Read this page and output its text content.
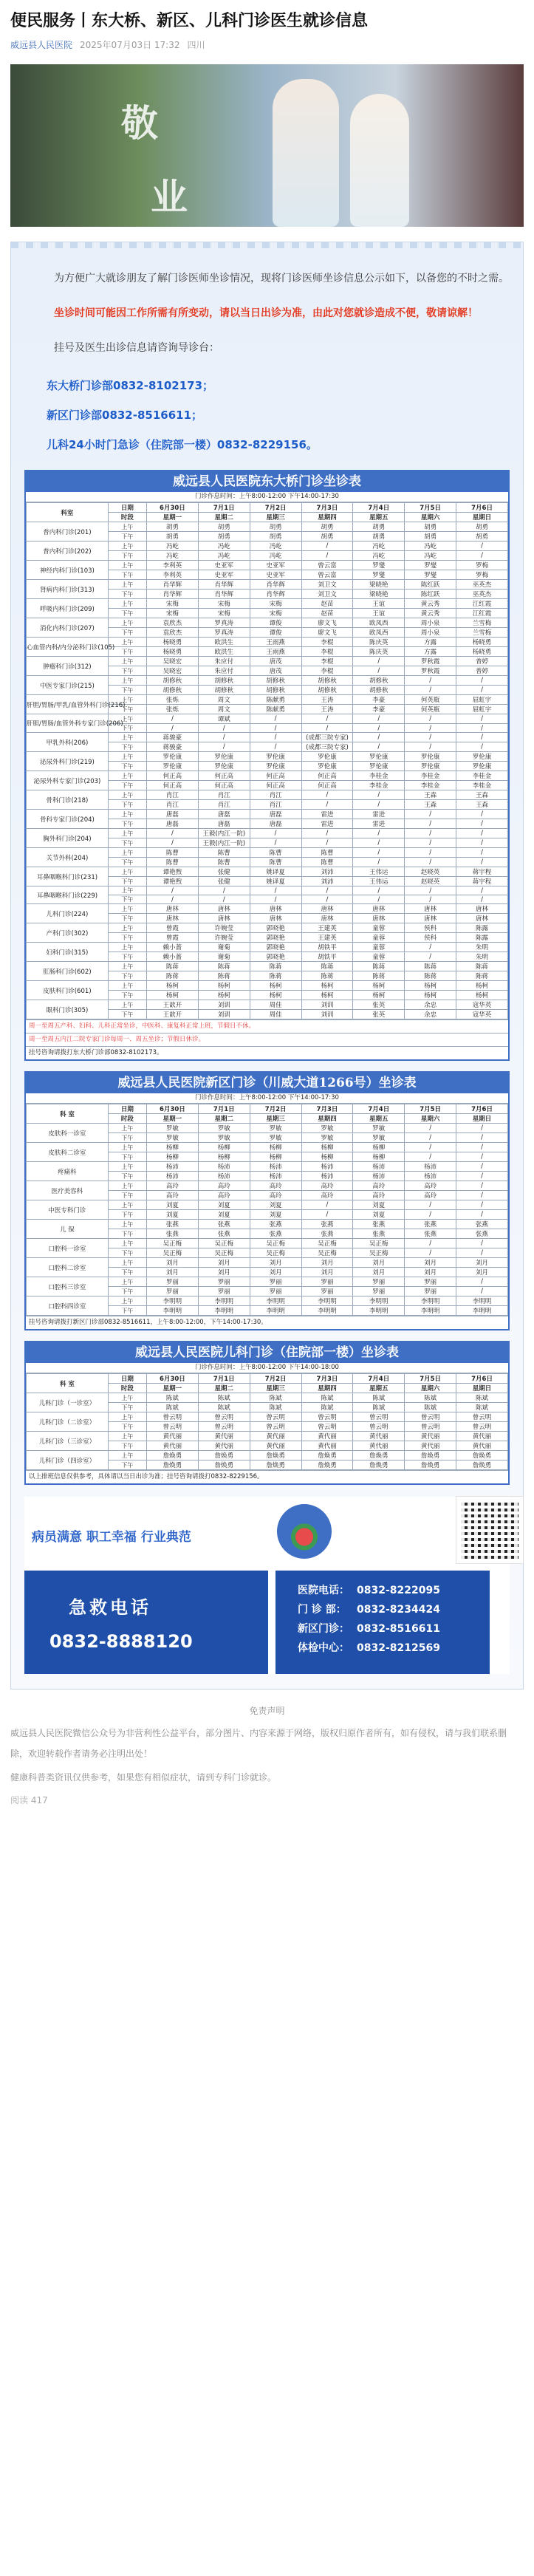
便民服务丨东大桥、新区、儿科门诊医生就诊信息
威远县人民医院 2025年07月03日 17:32 四川
敬
业

为方便广大就诊朋友了解门诊医师坐诊情况，现将门诊医师坐诊信息公示如下，以备您的不时之需。

坐诊时间可能因工作所需有所变动，请以当日出诊为准，由此对您就诊造成不便，敬请谅解！

挂号及医生出诊信息请咨询导诊台：

东大桥门诊部0832-8102173；
新区门诊部0832-8516611；
儿科24小时门急诊（住院部一楼）0832-8229156。
威远县人民医院东大桥门诊坐诊表
门诊作息时间：上午8:00-12:00 下午14:00-17:30
科室	日期	6月30日	7月1日	7月2日	7月3日	7月4日	7月5日	7月6日
	时段	星期一	星期二	星期三	星期四	星期五	星期六	星期日
普内科门诊(201)	上午	胡勇	胡勇	胡勇	胡勇	胡勇	胡勇	胡勇
	下午	胡勇	胡勇	胡勇	胡勇	胡勇	胡勇	胡勇
普内科门诊(202)	上午	冯屹	冯屹	冯屹	/	冯屹	冯屹	/
	下午	冯屹	冯屹	冯屹	/	冯屹	冯屹	/
神经内科门诊(103)	上午	李利英	史亚军	史亚军	曾云富	罗燮	罗燮	罗梅
	下午	李利英	史亚军	史亚军	曾云富	罗燮	罗燮	罗梅
肾病内科门诊(313)	上午	肖华辉	肖华辉	肖华辉	刘卫文	梁晓艳	陈红跃	巫英杰
	下午	肖华辉	肖华辉	肖华辉	刘卫文	梁晓艳	陈红跃	巫英杰
呼吸内科门诊(209)	上午	宋梅	宋梅	宋梅	赵苗	王谊	黄云秀	江红霞
	下午	宋梅	宋梅	宋梅	赵苗	王谊	黄云秀	江红霞
消化内科门诊(207)	上午	袁欣杰	罗真涛	谭俊	廖文飞	欧凤西	周小泉	兰雪梅
	下午	袁欣杰	罗真涛	谭俊	廖文飞	欧凤西	周小泉	兰雪梅
心血管内科/内分泌科门诊(105)	上午	杨晓勇	欧洪生	王雨燕	李棍	陈庆英	方露	杨晓勇
	下午	杨晓勇	欧洪生	王雨燕	李棍	陈庆英	方露	杨晓勇
肿瘤科门诊(312)	上午	吴晓宏	朱应付	唐茂	李棍	/	罗秋霞	普婷
	下午	吴晓宏	朱应付	唐茂	李棍	/	罗秋霞	普婷
中医专家门诊(215)	上午	胡修秋	胡修秋	胡修秋	胡修秋	胡修秋	/	/
	下午	胡修秋	胡修秋	胡修秋	胡修秋	胡修秋	/	/
肝胆/胃肠/甲乳/血管外科门诊(216)	上午	张烁	周文	陈献勇	王涛	李豪	何英瓶	屈虹宇
	下午	张烁	周文	陈献勇	王涛	李豪	何英瓶	屈虹宇
肝胆/胃肠/血管外科专家门诊(206)	上午	/	谭斌	/	/	/	/	/
	下午	/	/	/	/	/	/	/
甲乳外科(206)	上午	蒋骏豪	/	/	(成都三院专家)	/	/	/
	下午	蒋骏豪	/	/	(成都三院专家)	/	/	/
泌尿外科门诊(219)	上午	罗伦康	罗伦康	罗伦康	罗伦康	罗伦康	罗伦康	罗伦康
	下午	罗伦康	罗伦康	罗伦康	罗伦康	罗伦康	罗伦康	罗伦康
泌尿外科专家门诊(203)	上午	何正高	何正高	何正高	何正高	李桂金	李桂金	李桂金
	下午	何正高	何正高	何正高	何正高	李桂金	李桂金	李桂金
骨科门诊(218)	上午	肖江	肖江	肖江	/	/	王森	王森
	下午	肖江	肖江	肖江	/	/	王森	王森
骨科专家门诊(204)	上午	唐磊	唐磊	唐磊	雷进	雷进	/	/
	下午	唐磊	唐磊	唐磊	雷进	雷进	/	/
胸外科门诊(204)	上午	/	王毅(内江一院)	/	/	/	/	/
	下午	/	王毅(内江一院)	/	/	/	/	/
关节外科(204)	上午	陈曹	陈曹	陈曹	陈曹	/	/	/
	下午	陈曹	陈曹	陈曹	陈曹	/	/	/
耳鼻咽喉科门诊(231)	上午	谭艳煦	张健	姚译夏	刘沛	王伟运	赵晓英	蒋宇程
	下午	谭艳煦	张健	姚译夏	刘沛	王伟运	赵晓英	蒋宇程
耳鼻咽喉科门诊(229)	上午	/	/	/	/	/	/	/
	下午	/	/	/	/	/	/	/
儿科门诊(224)	上午	唐林	唐林	唐林	唐林	唐林	唐林	唐林
	下午	唐林	唐林	唐林	唐林	唐林	唐林	唐林
产科门诊(302)	上午	曾霞	许婉莹	郭晓艳	王建英	童蓉	侯科	陈露
	下午	曾霞	许婉莹	郭晓艳	王建英	童蓉	侯科	陈露
妇科门诊(315)	上午	赖小蔷	谢菊	郭晓艳	胡铁平	童蓉	/	朱明
	下午	赖小蔷	谢菊	郭晓艳	胡铁平	童蓉	/	朱明
肛肠科门诊(602)	上午	陈蒋	陈蒋	陈蒋	陈蒋	陈蒋	陈蒋	陈蒋
	下午	陈蒋	陈蒋	陈蒋	陈蒋	陈蒋	陈蒋	陈蒋
皮肤科门诊(601)	上午	杨柯	杨柯	杨柯	杨柯	杨柯	杨柯	杨柯
	下午	杨柯	杨柯	杨柯	杨柯	杨柯	杨柯	杨柯
眼科门诊(305)	上午	王歆开	刘训	周佳	刘训	张英	余忠	寇华英
	下午	王歆开	刘训	周佳	刘训	张英	余忠	寇华英
周一至周五产科、妇科、儿科正常坐诊，中医科、康复科正常上班，节假日不休。
周一至周五内江二院专家门诊每周一、周五坐诊；节假日休诊。
挂号咨询请拨打东大桥门诊部0832-8102173。
威远县人民医院新区门诊（川威大道1266号）坐诊表
门诊作息时间：上午8:00-12:00 下午14:00-17:30
科 室	日期	6月30日	7月1日	7月2日	7月3日	7月4日	7月5日	7月6日
	时段	星期一	星期二	星期三	星期四	星期五	星期六	星期日
皮肤科一诊室	上午	罗敏	罗敏	罗敏	罗敏	罗敏	/	/
	下午	罗敏	罗敏	罗敏	罗敏	罗敏	/	/
皮肤科二诊室	上午	杨柳	杨柳	杨柳	杨柳	杨柳	/	/
	下午	杨柳	杨柳	杨柳	杨柳	杨柳	/	/
疼痛科	上午	杨沛	杨沛	杨沛	杨沛	杨沛	杨沛	/
	下午	杨沛	杨沛	杨沛	杨沛	杨沛	杨沛	/
医疗美容科	上午	高玲	高玲	高玲	高玲	高玲	高玲	/
	下午	高玲	高玲	高玲	高玲	高玲	高玲	/
中医专科门诊	上午	刘夏	刘夏	刘夏	/	刘夏	/	/
	下午	刘夏	刘夏	刘夏	/	刘夏	/	/
儿 保	上午	张燕	张燕	张燕	张燕	张燕	张燕	张燕
	下午	张燕	张燕	张燕	张燕	张燕	张燕	张燕
口腔科一诊室	上午	吴正梅	吴正梅	吴正梅	吴正梅	吴正梅	/	/
	下午	吴正梅	吴正梅	吴正梅	吴正梅	吴正梅	/	/
口腔科二诊室	上午	刘月	刘月	刘月	刘月	刘月	刘月	刘月
	下午	刘月	刘月	刘月	刘月	刘月	刘月	刘月
口腔科三诊室	上午	罗丽	罗丽	罗丽	罗丽	罗丽	罗丽	/
	下午	罗丽	罗丽	罗丽	罗丽	罗丽	罗丽	/
口腔科四诊室	上午	李明明	李明明	李明明	李明明	李明明	李明明	李明明
	下午	李明明	李明明	李明明	李明明	李明明	李明明	李明明
挂号咨询请拨打新区门诊部0832-8516611，上午8:00-12:00，下午14:00-17:30。
威远县人民医院儿科门诊（住院部一楼）坐诊表
门诊作息时间：上午8:00-12:00 下午14:00-18:00
科 室	日期	6月30日	7月1日	7月2日	7月3日	7月4日	7月5日	7月6日
	时段	星期一	星期二	星期三	星期四	星期五	星期六	星期日
儿科门诊（一诊室）	上午	陈斌	陈斌	陈斌	陈斌	陈斌	陈斌	陈斌
	下午	陈斌	陈斌	陈斌	陈斌	陈斌	陈斌	陈斌
儿科门诊（二诊室）	上午	曾云明	曾云明	曾云明	曾云明	曾云明	曾云明	曾云明
	下午	曾云明	曾云明	曾云明	曾云明	曾云明	曾云明	曾云明
儿科门诊（三诊室）	上午	黄代丽	黄代丽	黄代丽	黄代丽	黄代丽	黄代丽	黄代丽
	下午	黄代丽	黄代丽	黄代丽	黄代丽	黄代丽	黄代丽	黄代丽
儿科门诊（四诊室）	上午	詹焕勇	詹焕勇	詹焕勇	詹焕勇	詹焕勇	詹焕勇	詹焕勇
	下午	詹焕勇	詹焕勇	詹焕勇	詹焕勇	詹焕勇	詹焕勇	詹焕勇
以上排班信息仅供参考，具体请以当日出诊为准；挂号咨询请拨打0832-8229156。
病员满意 职工幸福 行业典范
急救电话
0832-8888120
医院电话： 0832-8222095
门 诊 部：	0832-8234424
新区门诊： 0832-8516611
体检中心： 0832-8212569
免责声明

威远县人民医院微信公众号为非营利性公益平台，部分图片、内容来源于网络，版权归原作者所有，如有侵权，请与我们联系删除，欢迎转载作者请务必注明出处！

健康科普类资讯仅供参考，如果您有相似症状，请到专科门诊就诊。

阅读 417
